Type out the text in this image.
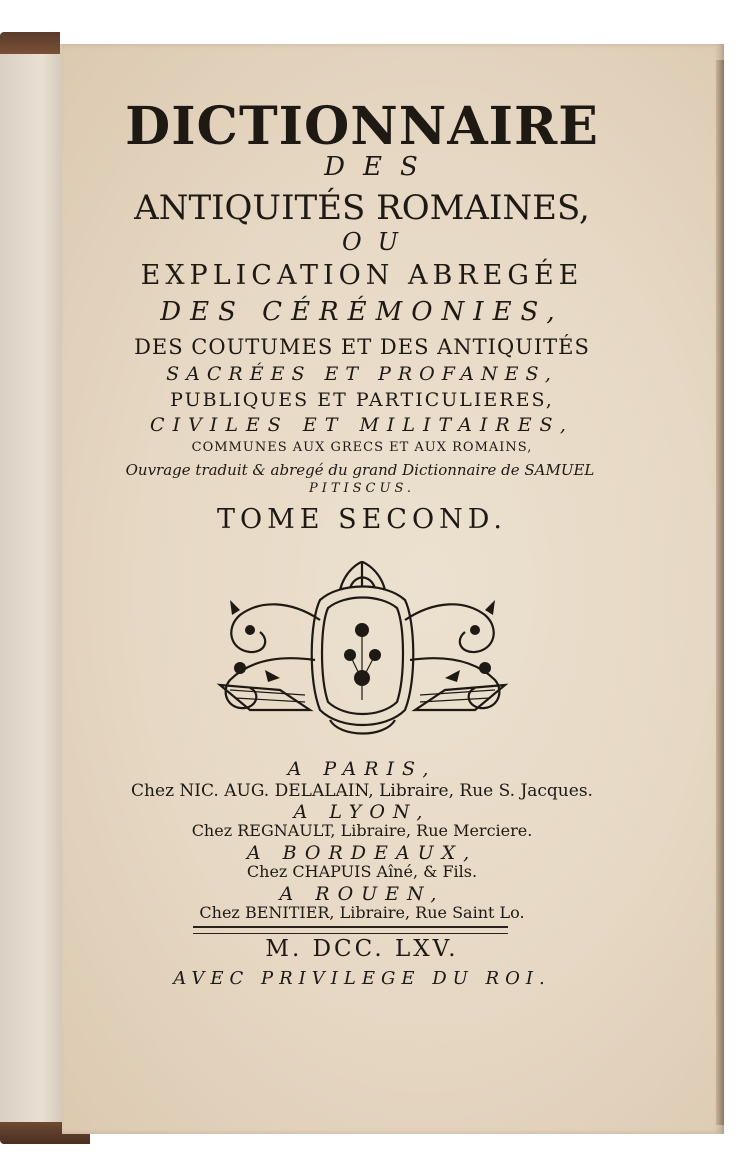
DICTIONNAIRE
DES
ANTIQUITÉS ROMAINES,
OU
EXPLICATION ABREGÉE
DES CÉRÉMONIES,
DES COUTUMES ET DES ANTIQUITÉS
SACRÉES ET PROFANES,
PUBLIQUES ET PARTICULIERES,
CIVILES ET MILITAIRES,
COMMUNES AUX GRECS ET AUX ROMAINS,
Ouvrage traduit & abregé du grand Dictionnaire de SAMUEL
PITISCUS.
TOME SECOND.
A PARIS,
Chez NIC. AUG. DELALAIN, Libraire, Rue S. Jacques.
A LYON,
Chez REGNAULT, Libraire, Rue Merciere.
A BORDEAUX,
Chez CHAPUIS Aîné, & Fils.
A ROUEN,
Chez BENITIER, Libraire, Rue Saint Lo.
M. DCC. LXV.
AVEC PRIVILEGE DU ROI.
